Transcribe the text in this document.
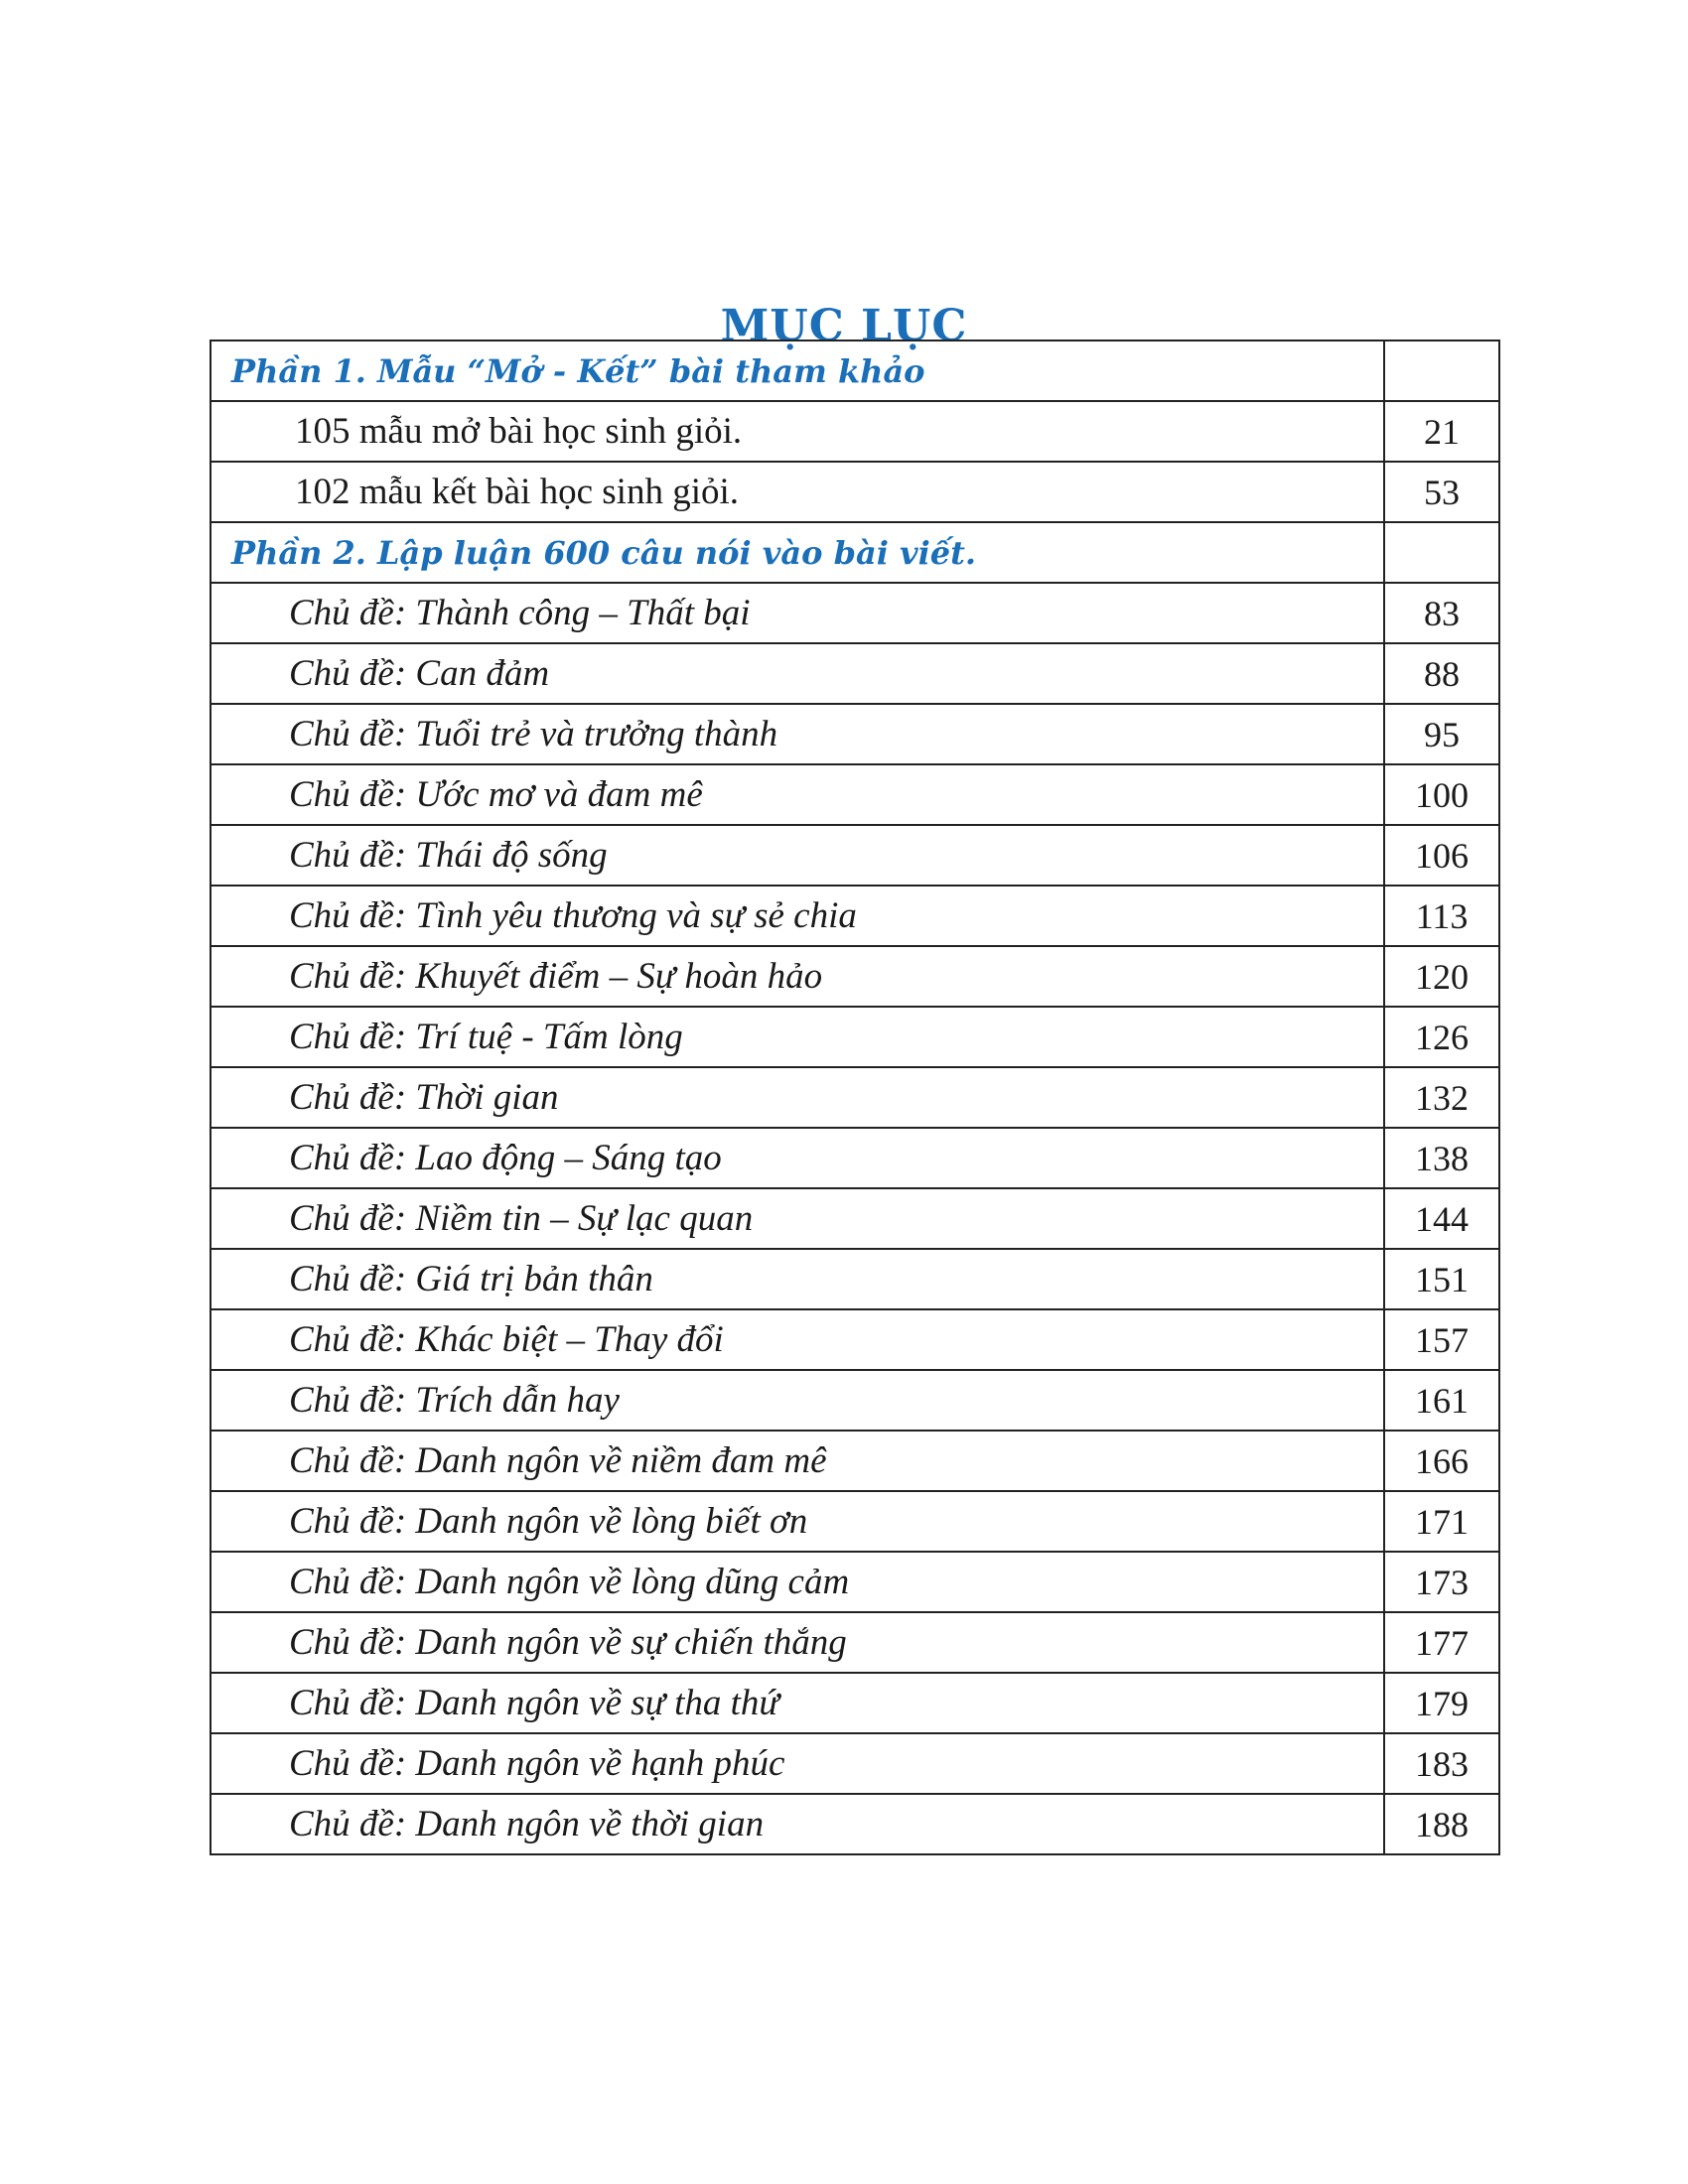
MỤC LỤC
Phần 1. Mẫu “Mở - Kết” bài tham khảo	
105 mẫu mở bài học sinh giỏi.	21
102 mẫu kết bài học sinh giỏi.	53
Phần 2. Lập luận 600 câu nói vào bài viết.	
Chủ đề: Thành công – Thất bại	83
Chủ đề: Can đảm	88
Chủ đề: Tuổi trẻ và trưởng thành	95
Chủ đề: Ước mơ và đam mê	100
Chủ đề: Thái độ sống	106
Chủ đề: Tình yêu thương và sự sẻ chia	113
Chủ đề: Khuyết điểm – Sự hoàn hảo	120
Chủ đề: Trí tuệ - Tấm lòng	126
Chủ đề: Thời gian	132
Chủ đề: Lao động – Sáng tạo	138
Chủ đề: Niềm tin – Sự lạc quan	144
Chủ đề: Giá trị bản thân	151
Chủ đề: Khác biệt – Thay đổi	157
Chủ đề: Trích dẫn hay	161
Chủ đề: Danh ngôn về niềm đam mê	166
Chủ đề: Danh ngôn về lòng biết ơn	171
Chủ đề: Danh ngôn về lòng dũng cảm	173
Chủ đề: Danh ngôn về sự chiến thắng	177
Chủ đề: Danh ngôn về sự tha thứ	179
Chủ đề: Danh ngôn về hạnh phúc	183
Chủ đề: Danh ngôn về thời gian	188
